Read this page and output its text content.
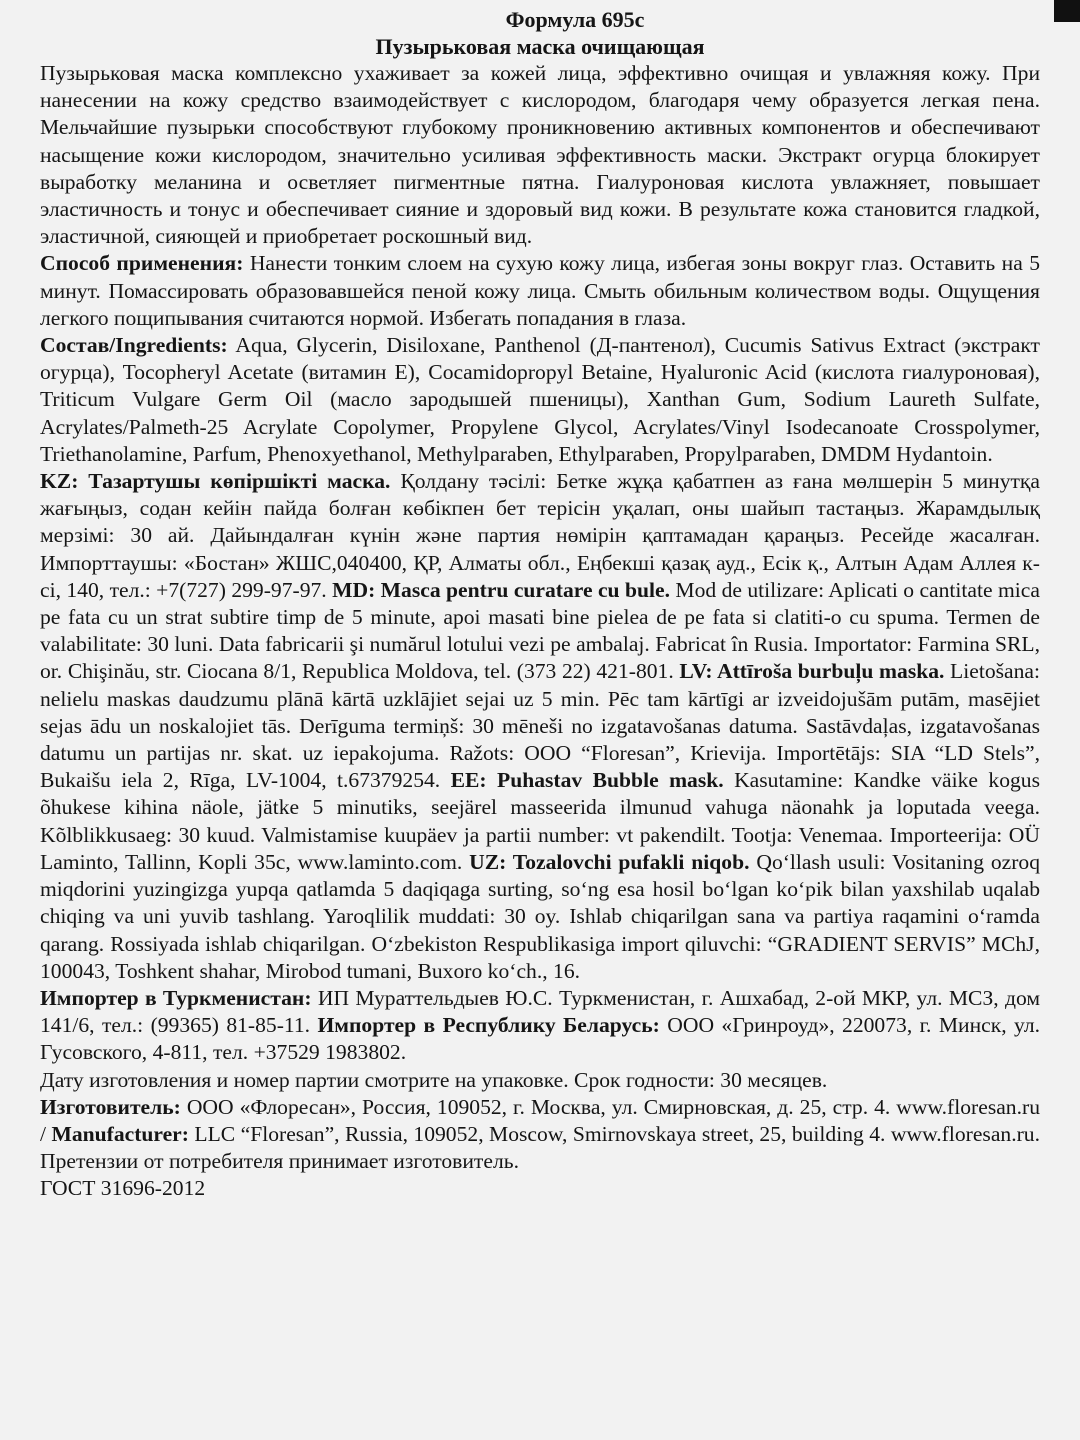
Формула 695с
Пузырьковая маска очищающая

Пузырьковая маска комплексно ухаживает за кожей лица, эффективно очищая и увлажняя кожу. При нанесении на кожу средство взаимодействует с кислородом, благодаря чему образуется легкая пена. Мельчайшие пузырьки способствуют глубокому проникновению активных компонентов и обеспечивают насыщение кожи кислородом, значительно усиливая эффективность маски. Экстракт огурца блокирует выработку меланина и осветляет пигментные пятна. Гиалуроновая кислота увлажняет, повышает эластичность и тонус и обеспечивает сияние и здоровый вид кожи. В результате кожа становится гладкой, эластичной, сияющей и приобретает роскошный вид.

Способ применения: Нанести тонким слоем на сухую кожу лица, избегая зоны вокруг глаз. Оставить на 5 минут. Помассировать образовавшейся пеной кожу лица. Смыть обильным количеством воды. Ощущения легкого пощипывания считаются нормой. Избегать попадания в глаза.

Состав/Ingredients: Aqua, Glycerin, Disiloxane, Panthenol (Д-пантенол), Cucumis Sativus Extract (экстракт огурца), Tocopheryl Acetate (витамин Е), Cocamidopropyl Betaine, Hyaluronic Acid (кислота гиалуроновая), Triticum Vulgare Germ Oil (масло зародышей пшеницы), Xanthan Gum, Sodium Laureth Sulfate, Acrylates/Palmeth-25 Acrylate Copolymer, Propylene Glycol, Acrylates/Vinyl Isodecanoate Crosspolymer, Triethanolamine, Parfum, Phenoxyethanol, Methylparaben, Ethylparaben, Propylparaben, DMDM Hydantoin.

KZ: Тазартушы көпіршікті маска. Қолдану тәсілі: Бетке жұқа қабатпен аз ғана мөлшерін 5 минутқа жағыңыз, содан кейін пайда болған көбікпен бет терісін уқалап, оны шайып тастаңыз. Жарамдылық мерзімі: 30 ай. Дайындалған күнін және партия нөмірін қаптамадан қараңыз. Ресейде жасалған. Импорттаушы: «Бостан» ЖШС,040400, ҚР, Алматы обл., Еңбекші қазақ ауд., Есік қ., Алтын Адам Аллея к-сі, 140, тел.: +7(727) 299-97-97. MD: Masca pentru curatare cu bule. Mod de utilizare: Aplicati o cantitate mica pe fata cu un strat subtire timp de 5 minute, apoi masati bine pielea de pe fata si clatiti-o cu spuma. Termen de valabilitate: 30 luni. Data fabricarii şi numărul lotului vezi pe ambalaj. Fabricat în Rusia. Importator: Farmina SRL, or. Chişinău, str. Ciocana 8/1, Republica Moldova, tel. (373 22) 421-801. LV: Attīroša burbuļu maska. Lietošana: nelielu maskas daudzumu plānā kārtā uzklājiet sejai uz 5 min. Pēc tam kārtīgi ar izveidojušām putām, masējiet sejas ādu un noskalojiet tās. Derīguma termiņš: 30 mēneši no izgatavošanas datuma. Sastāvdaļas, izgatavošanas datumu un partijas nr. skat. uz iepakojuma. Ražots: OOO “Floresan”, Krievija. Importētājs: SIA “LD Stels”, Bukaišu iela 2, Rīga, LV-1004, t.67379254. EE: Puhastav Bubble mask. Kasutamine: Kandke väike kogus õhukese kihina näole, jätke 5 minutiks, seejärel masseerida ilmunud vahuga näonahk ja loputada veega. Kõlblikkusaeg: 30 kuud. Valmistamise kuupäev ja partii number: vt pakendilt. Tootja: Venemaa. Importeerija: OÜ Laminto, Tallinn, Kopli 35c, www.laminto.com. UZ: Tozalovchi pufakli niqob. Qo‘llash usuli: Vositaning ozroq miqdorini yuzingizga yupqa qatlamda 5 daqiqaga surting, so‘ng esa hosil bo‘lgan ko‘pik bilan yaxshilab uqalab chiqing va uni yuvib tashlang. Yaroqlilik muddati: 30 oy. Ishlab chiqarilgan sana va partiya raqamini o‘ramda qarang. Rossiyada ishlab chiqarilgan. O‘zbekiston Respublikasiga import qiluvchi: “GRADIENT SERVIS” MChJ, 100043, Toshkent shahar, Mirobod tumani, Buxoro ko‘ch., 16.

Импортер в Туркменистан: ИП Мураттельдыев Ю.С. Туркменистан, г. Ашхабад, 2-ой МКР, ул. МСЗ, дом 141/6, тел.: (99365) 81-85-11. Импортер в Республику Беларусь: ООО «Гринроуд», 220073, г. Минск, ул. Гусовского, 4-811, тел. +37529 1983802.

Дату изготовления и номер партии смотрите на упаковке. Срок годности: 30 месяцев.

Изготовитель: ООО «Флоресан», Россия, 109052, г. Москва, ул. Смирновская, д. 25, стр. 4. www.floresan.ru / Manufacturer: LLC “Floresan”, Russia, 109052, Moscow, Smirnovskaya street, 25, building 4. www.floresan.ru. Претензии от потребителя принимает изготовитель.

ГОСТ 31696-2012
